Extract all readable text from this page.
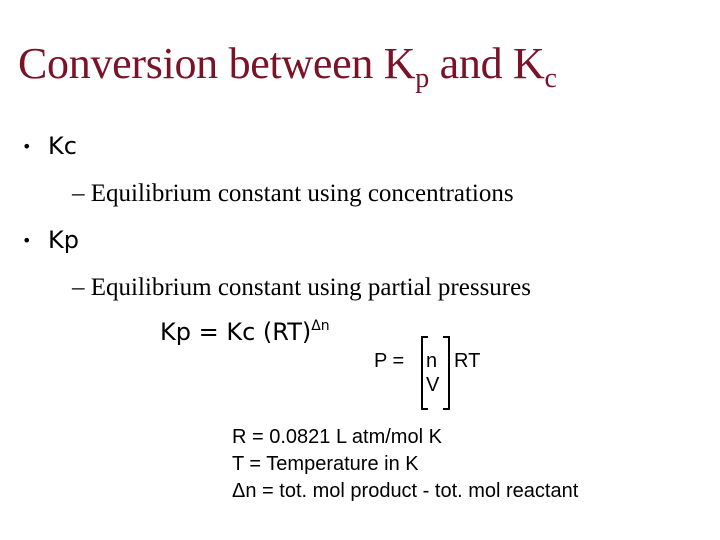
Conversion between $K_p$ and $K_c$
• Kc
– Equilibrium constant using concentrations
• Kp
– Equilibrium constant using partial pressures
Kp = Kc (RT)$^{\Delta n}$
P = n
V
RT
R = 0.0821 L atm/mol K
T = Temperature in K
Δn = tot. mol product - tot. mol reactant
